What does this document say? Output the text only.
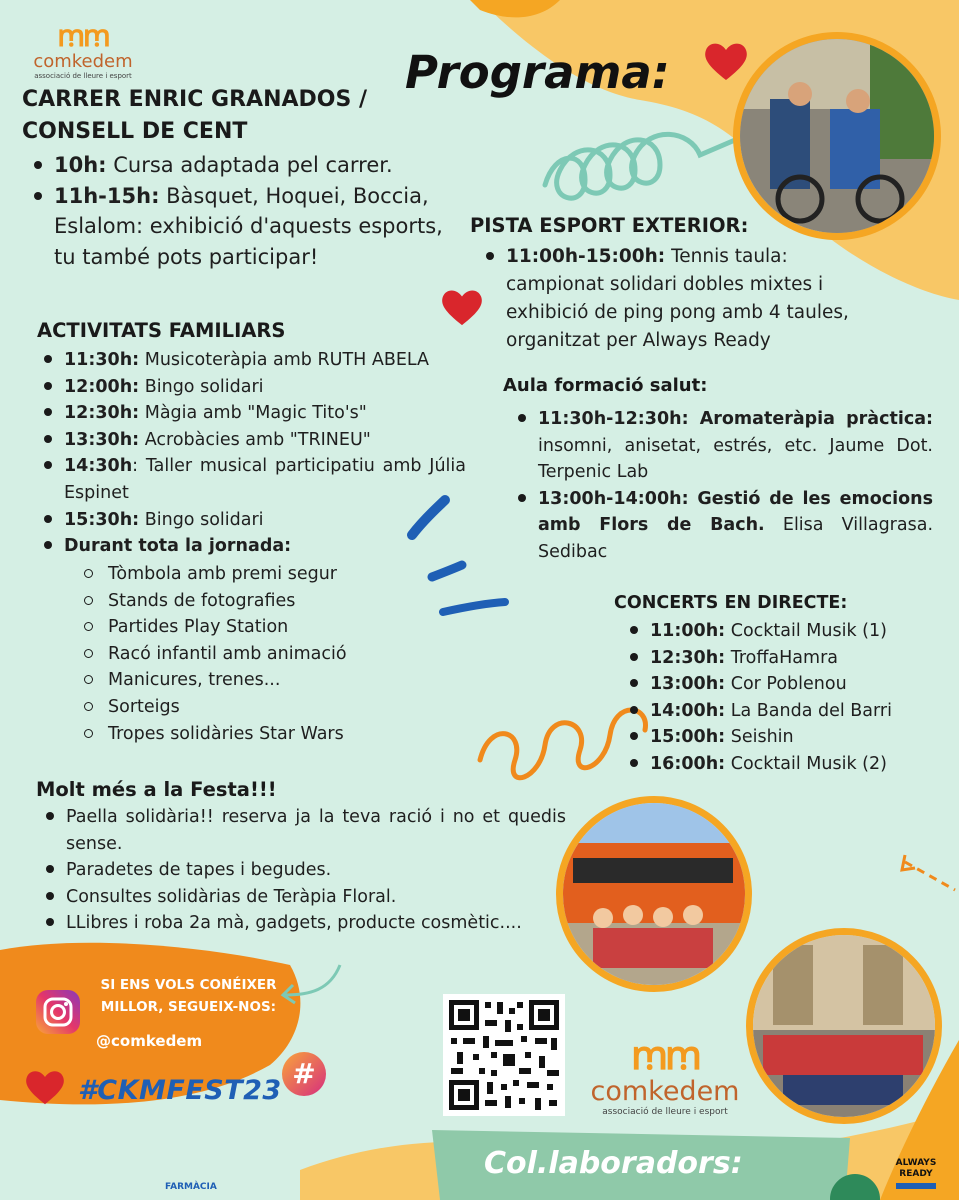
ꭑꭑ
comkedem
associació de lleure i esport	Programa:
CARRER ENRIC GRANADOS / CONSELL DE CENT
10h: Cursa adaptada pel carrer.
11h-15h: Bàsquet, Hoquei, Boccia, Eslalom: exhibició d'aquests esports, tu també pots participar!
PISTA ESPORT EXTERIOR:
11:00h-15:00h: Tennis taula: campionat solidari dobles mixtes i exhibició de ping pong amb 4 taules, organitzat per Always Ready
ACTIVITATS FAMILIARS
11:30h: Musicoteràpia amb RUTH ABELA
12:00h: Bingo solidari
12:30h: Màgia amb "Magic Tito's"
13:30h: Acrobàcies amb "TRINEU"
14:30h: Taller musical participatiu amb Júlia Espinet
15:30h: Bingo solidari
Durant tota la jornada:
Tòmbola amb premi segur
Stands de fotografies
Partides Play Station
Racó infantil amb animació
Manicures, trenes...
Sorteigs
Tropes solidàries Star Wars
Aula formació salut:
11:30h-12:30h: Aromateràpia pràctica: insomni, anisetat, estrés, etc. Jaume Dot. Terpenic Lab
13:00h-14:00h: Gestió de les emocions amb Flors de Bach. Elisa Villagrasa. Sedibac
CONCERTS EN DIRECTE:
11:00h: Cocktail Musik (1)
12:30h: TroffaHamra
13:00h: Cor Poblenou
14:00h: La Banda del Barri
15:00h: Seishin
16:00h: Cocktail Musik (2)
Molt més a la Festa!!!
Paella solidària!! reserva ja la teva ració i no et quedis sense.
Paradetes de tapes i begudes.
Consultes solidàrias de Teràpia Floral.
LLibres i roba 2a mà, gadgets, producte cosmètic....
SI ENS VOLS CONÉIXER MILLOR, SEGUEIX-NOS:
@comkedem
#CKMFEST23
#	ꭑꭑ
comkedem
associació de lleure i esport
Col.laboradors:
FARMÀCIA
ALWAYS READY
